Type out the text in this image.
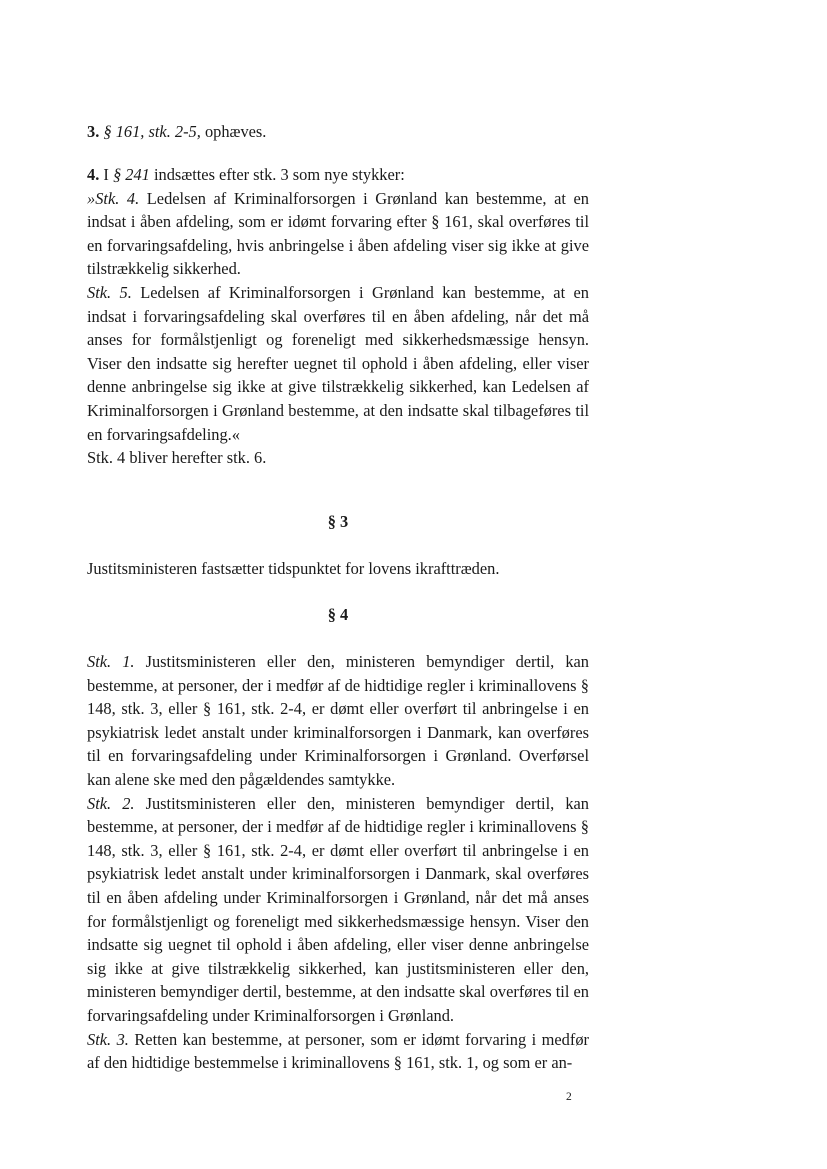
3. § 161, stk. 2-5, ophæves.

4. I § 241 indsættes efter stk. 3 som nye stykker:

»Stk. 4. Ledelsen af Kriminalforsorgen i Grønland kan bestemme, at en indsat i åben afdeling, som er idømt forvaring efter § 161, skal overføres til en forvaringsafdeling, hvis anbringelse i åben afdeling viser sig ikke at give tilstrækkelig sikkerhed.

Stk. 5. Ledelsen af Kriminalforsorgen i Grønland kan bestemme, at en indsat i forvaringsafdeling skal overføres til en åben afdeling, når det må anses for formålstjenligt og foreneligt med sikkerhedsmæssige hensyn. Viser den indsatte sig herefter uegnet til ophold i åben afdeling, eller viser denne anbringelse sig ikke at give tilstrækkelig sikkerhed, kan Ledelsen af Kriminalforsorgen i Grønland bestemme, at den indsatte skal tilbageføres til en forvaringsafdeling.«

Stk. 4 bliver herefter stk. 6.

§ 3

Justitsministeren fastsætter tidspunktet for lovens ikrafttræden.

§ 4

Stk. 1. Justitsministeren eller den, ministeren bemyndiger dertil, kan bestemme, at personer, der i medfør af de hidtidige regler i kriminallovens § 148, stk. 3, eller § 161, stk. 2-4, er dømt eller overført til anbringelse i en psykiatrisk ledet anstalt under kriminalforsorgen i Danmark, kan overføres til en forvaringsafdeling under Kriminalforsorgen i Grønland. Overførsel kan alene ske med den pågældendes samtykke.

Stk. 2. Justitsministeren eller den, ministeren bemyndiger dertil, kan bestemme, at personer, der i medfør af de hidtidige regler i kriminallovens § 148, stk. 3, eller § 161, stk. 2-4, er dømt eller overført til anbringelse i en psykiatrisk ledet anstalt under kriminalforsorgen i Danmark, skal overføres til en åben afdeling under Kriminalforsorgen i Grønland, når det må anses for formålstjenligt og foreneligt med sikkerhedsmæssige hensyn. Viser den indsatte sig uegnet til ophold i åben afdeling, eller viser denne anbringelse sig ikke at give tilstrækkelig sikkerhed, kan justitsministeren eller den, ministeren bemyndiger dertil, bestemme, at den indsatte skal overføres til en forvaringsafdeling under Kriminalforsorgen i Grønland.

Stk. 3. Retten kan bestemme, at personer, som er idømt forvaring i medfør af den hidtidige bestemmelse i kriminallovens § 161, stk. 1, og som er an-

2
